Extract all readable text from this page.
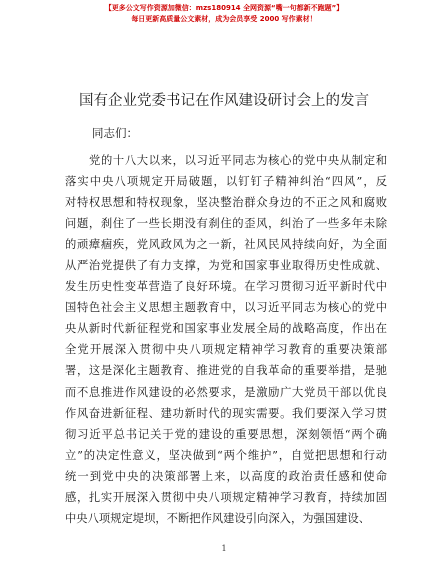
【更多公文写作资源加微信：mzs180914 全网资源“嘴一句都新不跑题”】
每日更新高质量公文素材，成为会员享受 2000 写作素材！
国有企业党委书记在作风建设研讨会上的发言
同志们：
党的十八大以来，以习近平同志为核心的党中央从制定和
落实中央八项规定开局破题，以钉钉子精神纠治“四风”，反
对特权思想和特权现象，坚决整治群众身边的不正之风和腐败
问题，刹住了一些长期没有刹住的歪风，纠治了一些多年未除
的顽瘴痼疾，党风政风为之一新，社风民风持续向好，为全面
从严治党提供了有力支撑，为党和国家事业取得历史性成就、
发生历史性变革营造了良好环境。在学习贯彻习近平新时代中
国特色社会主义思想主题教育中，以习近平同志为核心的党中
央从新时代新征程党和国家事业发展全局的战略高度，作出在
全党开展深入贯彻中央八项规定精神学习教育的重要决策部
署，这是深化主题教育、推进党的自我革命的重要举措，是驰
而不息推进作风建设的必然要求，是激励广大党员干部以优良
作风奋进新征程、建功新时代的现实需要。我们要深入学习贯
彻习近平总书记关于党的建设的重要思想，深刻领悟“两个确
立”的决定性意义，坚决做到“两个维护”，自觉把思想和行动
统一到党中央的决策部署上来，以高度的政治责任感和使命
感，扎实开展深入贯彻中央八项规定精神学习教育，持续加固
中央八项规定堤坝，不断把作风建设引向深入，为强国建设、
1
